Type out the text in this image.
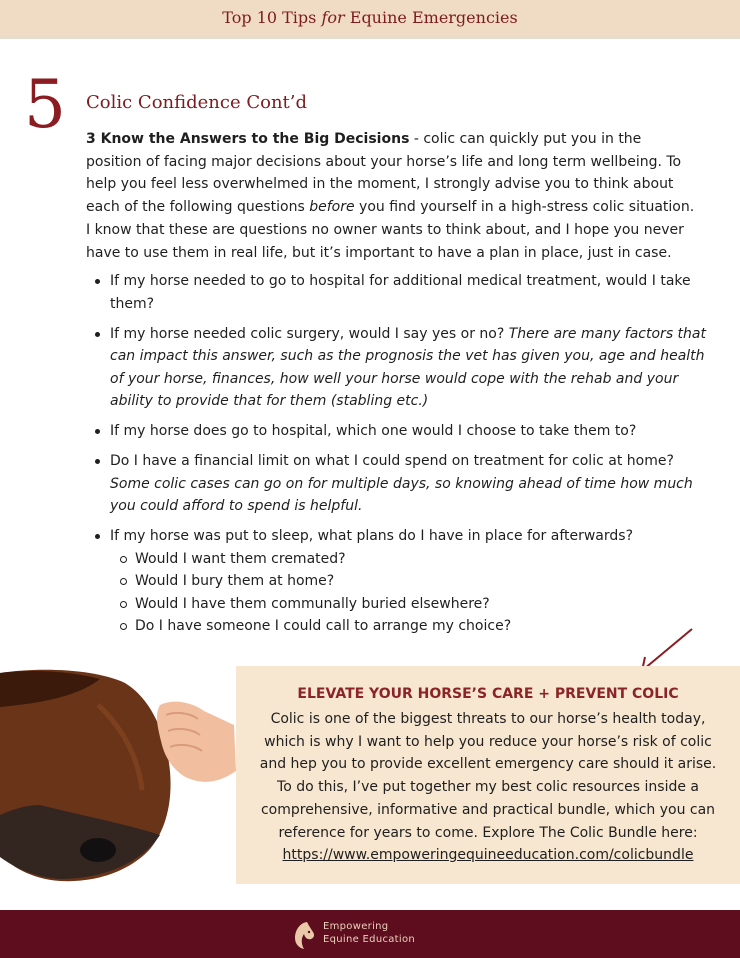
Top 10 Tips for Equine Emergencies
5 Colic Confidence Cont’d

3 Know the Answers to the Big Decisions - colic can quickly put you in the position of facing major decisions about your horse’s life and long term wellbeing. To help you feel less overwhelmed in the moment, I strongly advise you to think about each of the following questions before you find yourself in a high-stress colic situation. I know that these are questions no owner wants to think about, and I hope you never have to use them in real life, but it’s important to have a plan in place, just in case.

If my horse needed to go to hospital for additional medical treatment, would I take them?
If my horse needed colic surgery, would I say yes or no? There are many factors that can impact this answer, such as the prognosis the vet has given you, age and health of your horse, finances, how well your horse would cope with the rehab and your ability to provide that for them (stabling etc.)
If my horse does go to hospital, which one would I choose to take them to?
Do I have a financial limit on what I could spend on treatment for colic at home? Some colic cases can go on for multiple days, so knowing ahead of time how much you could afford to spend is helpful.
If my horse was put to sleep, what plans do I have in place for afterwards?
Would I want them cremated?
Would I bury them at home?
Would I have them communally buried elsewhere?
Do I have someone I could call to arrange my choice?
ELEVATE YOUR HORSE’S CARE + PREVENT COLIC

Colic is one of the biggest threats to our horse’s health today, which is why I want to help you reduce your horse’s risk of colic and hep you to provide excellent emergency care should it arise. To do this, I’ve put together my best colic resources inside a comprehensive, informative and practical bundle, which you can reference for years to come. Explore The Colic Bundle here:
https://www.empoweringequineeducation.com/colicbundle

Empowering
Equine Education
